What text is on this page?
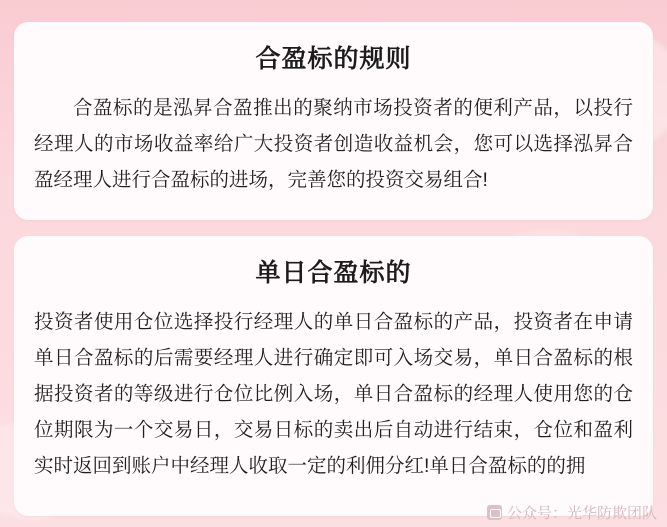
合盈标的规则
合盈标的是泓昇合盈推出的聚纳市场投资者的便利产品，以投行经理人的市场收益率给广大投资者创造收益机会，您可以选择泓昇合盈经理人进行合盈标的进场，完善您的投资交易组合!
单日合盈标的
投资者使用仓位选择投行经理人的单日合盈标的产品，投资者在申请单日合盈标的后需要经理人进行确定即可入场交易，单日合盈标的根据投资者的等级进行仓位比例入场，单日合盈标的经理人使用您的仓位期限为一个交易日，交易日标的卖出后自动进行结束，仓位和盈利实时返回到账户中经理人收取一定的利佣分红!单日合盈标的的拥
公众号：光华防欺团队
